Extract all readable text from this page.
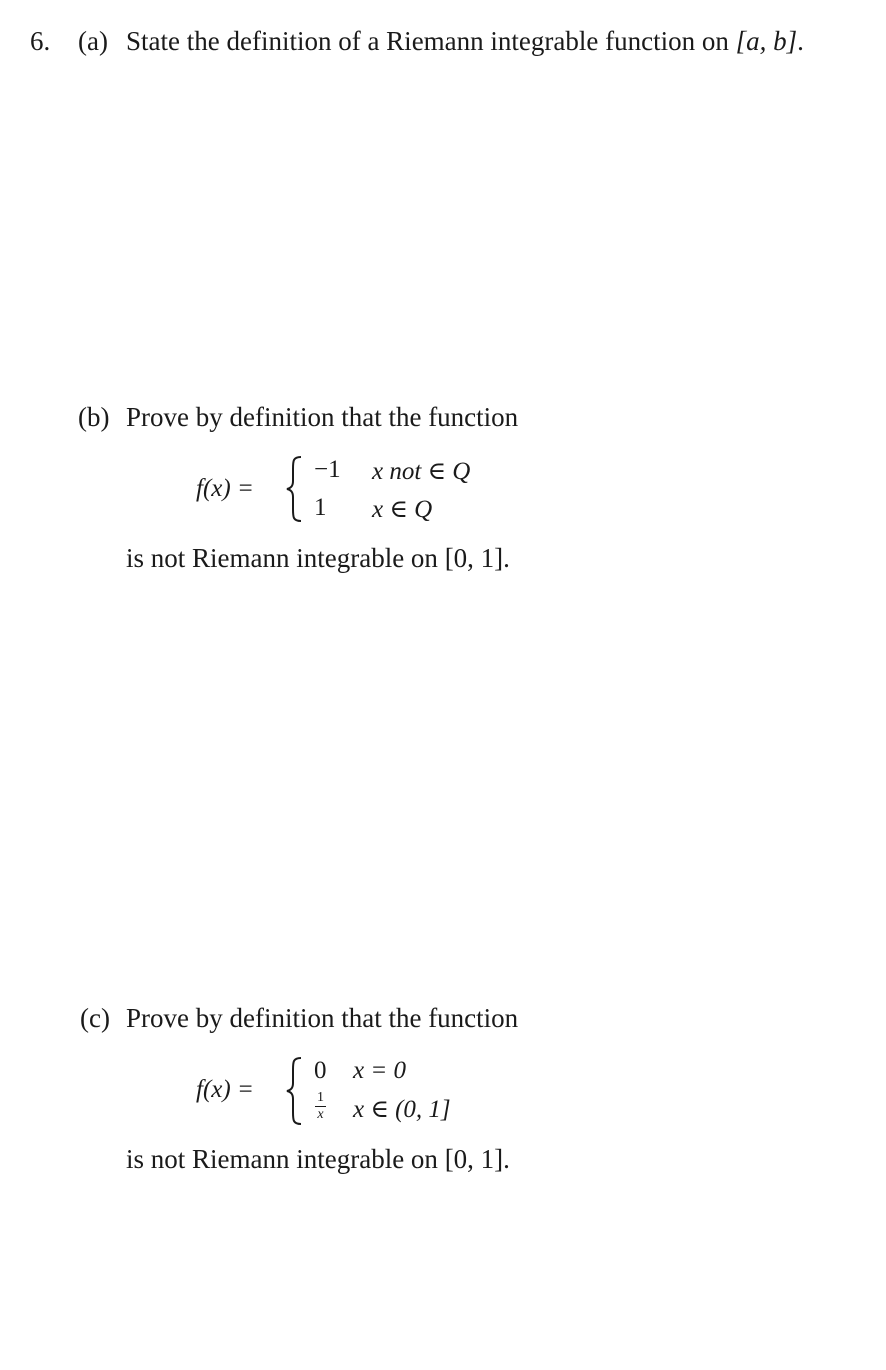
6. (a) State the definition of a Riemann integrable function on [a, b].
(b) Prove by definition that the function
f(x) =
−1 x not ∈ Q
1 x ∈ Q
is not Riemann integrable on [0, 1].
(c) Prove by definition that the function
f(x) =
0 x = 0
1
x x ∈ (0, 1]
is not Riemann integrable on [0, 1].
